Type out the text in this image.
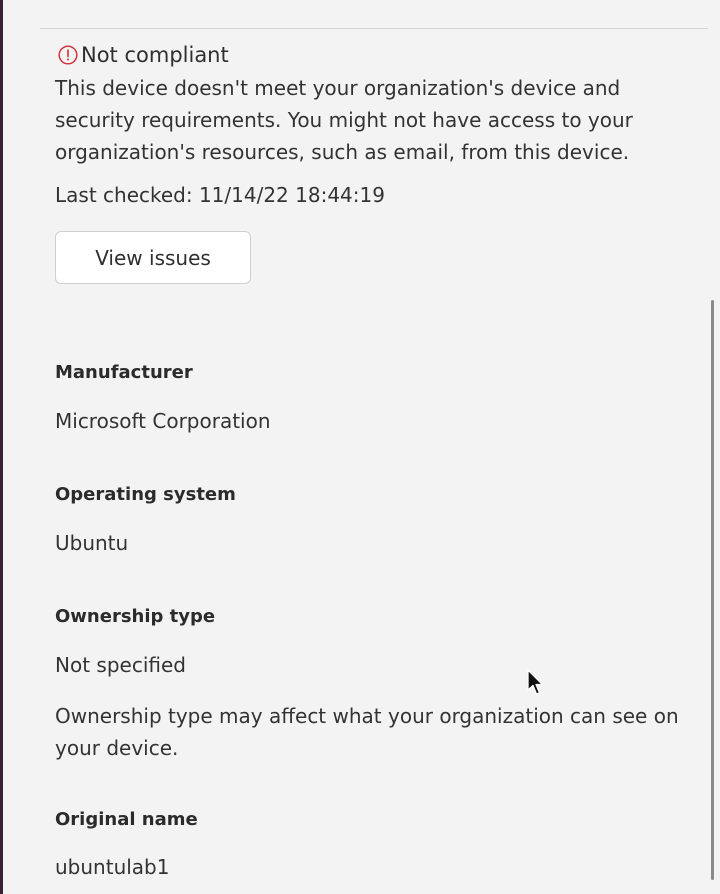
Not compliant
This device doesn't meet your organization's device and security requirements. You might not have access to your organization's resources, such as email, from this device.
Last checked: 11/14/22 18:44:19
View issues
Manufacturer
Microsoft Corporation
Operating system
Ubuntu
Ownership type
Not specified
Ownership type may affect what your organization can see on your device.
Original name
ubuntulab1
